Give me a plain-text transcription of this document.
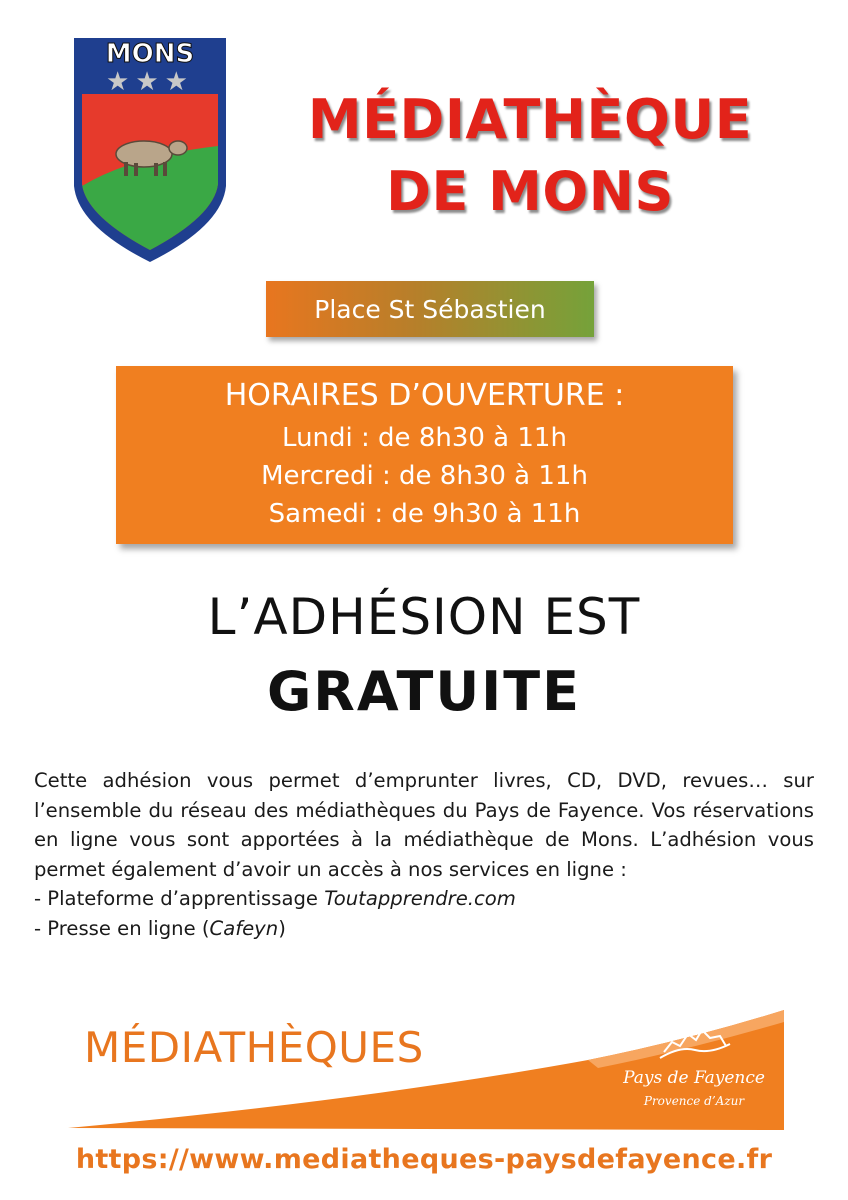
MONS
★★★
MÉDIATHÈQUE
DE MONS
Place St Sébastien
HORAIRES D’OUVERTURE :
Lundi : de 8h30 à 11h
Mercredi : de 8h30 à 11h
Samedi : de 9h30 à 11h
L’ADHÉSION EST
GRATUITE
Cette adhésion vous permet d’emprunter livres, CD, DVD, revues… sur l’ensemble du réseau des médiathèques du Pays de Fayence. Vos réservations en ligne vous sont apportées à la médiathèque de Mons. L’adhésion vous permet également d’avoir un accès à nos services en ligne :
- Plateforme d’apprentissage Toutapprendre.com
- Presse en ligne (Cafeyn)
MÉDIATHÈQUES
Pays de Fayence
Provence d’Azur
https://www.mediatheques-paysdefayence.fr
